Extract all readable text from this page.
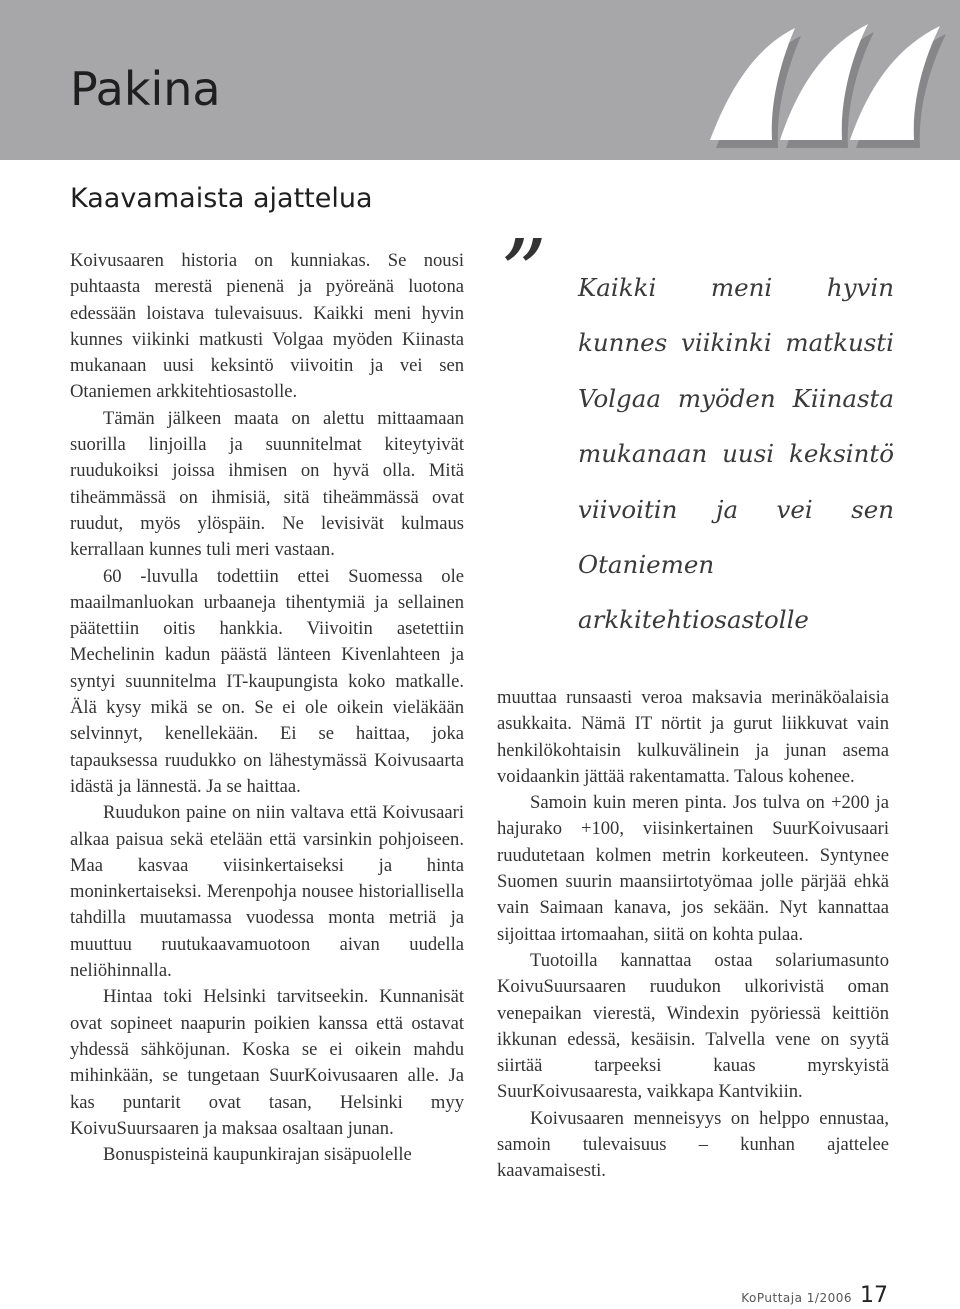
Pakina
Kaavamaista ajattelua

Koivusaaren historia on kunniakas. Se nousi puhtaasta merestä pienenä ja pyöreänä luotona edessään loistava tulevaisuus. Kaikki meni hyvin kunnes viikinki matkusti Volgaa myöden Kiinasta mukanaan uusi keksintö viivoitin ja vei sen Otaniemen arkkitehtiosastolle.

Tämän jälkeen maata on alettu mittaamaan suorilla linjoilla ja suunnitelmat kiteytyivät ruudukoiksi joissa ihmisen on hyvä olla. Mitä tiheämmässä on ihmisiä, sitä tiheämmässä ovat ruudut, myös ylöspäin. Ne levisivät kulmaus kerrallaan kunnes tuli meri vastaan.

60 -luvulla todettiin ettei Suomessa ole maailmanluokan urbaaneja tihentymiä ja sellainen päätettiin oitis hankkia. Viivoitin asetettiin Mechelinin kadun päästä länteen Kivenlahteen ja syntyi suunnitelma IT-kaupungista koko matkalle. Älä kysy mikä se on. Se ei ole oikein vieläkään selvinnyt, kenellekään. Ei se haittaa, joka tapauksessa ruudukko on lähestymässä Koivusaarta idästä ja lännestä. Ja se haittaa.

Ruudukon paine on niin valtava että Koivusaari alkaa paisua sekä etelään että varsinkin pohjoiseen. Maa kasvaa viisinkertaiseksi ja hinta moninkertaiseksi. Merenpohja nousee historiallisella tahdilla muutamassa vuodessa monta metriä ja muuttuu ruutukaavamuotoon aivan uudella neliöhinnalla.

Hintaa toki Helsinki tarvitseekin. Kunnanisät ovat sopineet naapurin poikien kanssa että ostavat yhdessä sähköjunan. Koska se ei oikein mahdu mihinkään, se tungetaan SuurKoivusaaren alle. Ja kas puntarit ovat tasan, Helsinki myy KoivuSuursaaren ja maksaa osaltaan junan.

Bonuspisteinä kaupunkirajan sisäpuolelle

” Kaikki meni hyvin kunnes viikinki matkusti Volgaa myöden Kiinasta mukanaan uusi keksintö viivoitin ja vei sen Otaniemen arkkitehtiosastolle

muuttaa runsaasti veroa maksavia merinäköalaisia asukkaita. Nämä IT nörtit ja gurut liikkuvat vain henkilökohtaisin kulkuvälinein ja junan asema voidaankin jättää rakentamatta. Talous kohenee.

Samoin kuin meren pinta. Jos tulva on +200 ja hajurako +100, viisinkertainen SuurKoivusaari ruudutetaan kolmen metrin korkeuteen. Syntynee Suomen suurin maansiirtotyömaa jolle pärjää ehkä vain Saimaan kanava, jos sekään. Nyt kannattaa sijoittaa irtomaahan, siitä on kohta pulaa.

Tuotoilla kannattaa ostaa solariumasunto KoivuSuursaaren ruudukon ulkorivistä oman venepaikan vierestä, Windexin pyöriessä keittiön ikkunan edessä, kesäisin. Talvella vene on syytä siirtää tarpeeksi kauas myrskyistä SuurKoivusaaresta, vaikkapa Kantvikiin.

Koivusaaren menneisyys on helppo ennustaa, samoin tulevaisuus – kunhan ajattelee kaavamaisesti.

KoPuttaja 1/2006 17
